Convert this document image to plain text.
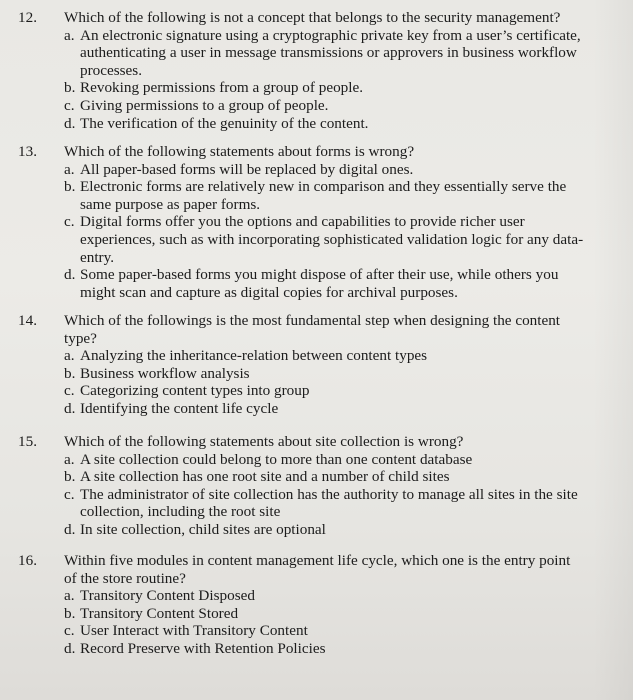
12. Which of the following is not a concept that belongs to the security management?
a. An electronic signature using a cryptographic private key from a user’s certificate, authenticating a user in message transmissions or approvers in business workflow processes.
b. Revoking permissions from a group of people.
c. Giving permissions to a group of people.
d. The verification of the genuinity of the content.
13. Which of the following statements about forms is wrong?
a. All paper-based forms will be replaced by digital ones.
b. Electronic forms are relatively new in comparison and they essentially serve the same purpose as paper forms.
c. Digital forms offer you the options and capabilities to provide richer user experiences, such as with incorporating sophisticated validation logic for any data-entry.
d. Some paper-based forms you might dispose of after their use, while others you might scan and capture as digital copies for archival purposes.
14. Which of the followings is the most fundamental step when designing the content type?
a. Analyzing the inheritance-relation between content types
b. Business workflow analysis
c. Categorizing content types into group
d. Identifying the content life cycle
15. Which of the following statements about site collection is wrong?
a. A site collection could belong to more than one content database
b. A site collection has one root site and a number of child sites
c. The administrator of site collection has the authority to manage all sites in the site collection, including the root site
d. In site collection, child sites are optional
16. Within five modules in content management life cycle, which one is the entry point of the store routine?
a. Transitory Content Disposed
b. Transitory Content Stored
c. User Interact with Transitory Content
d. Record Preserve with Retention Policies
